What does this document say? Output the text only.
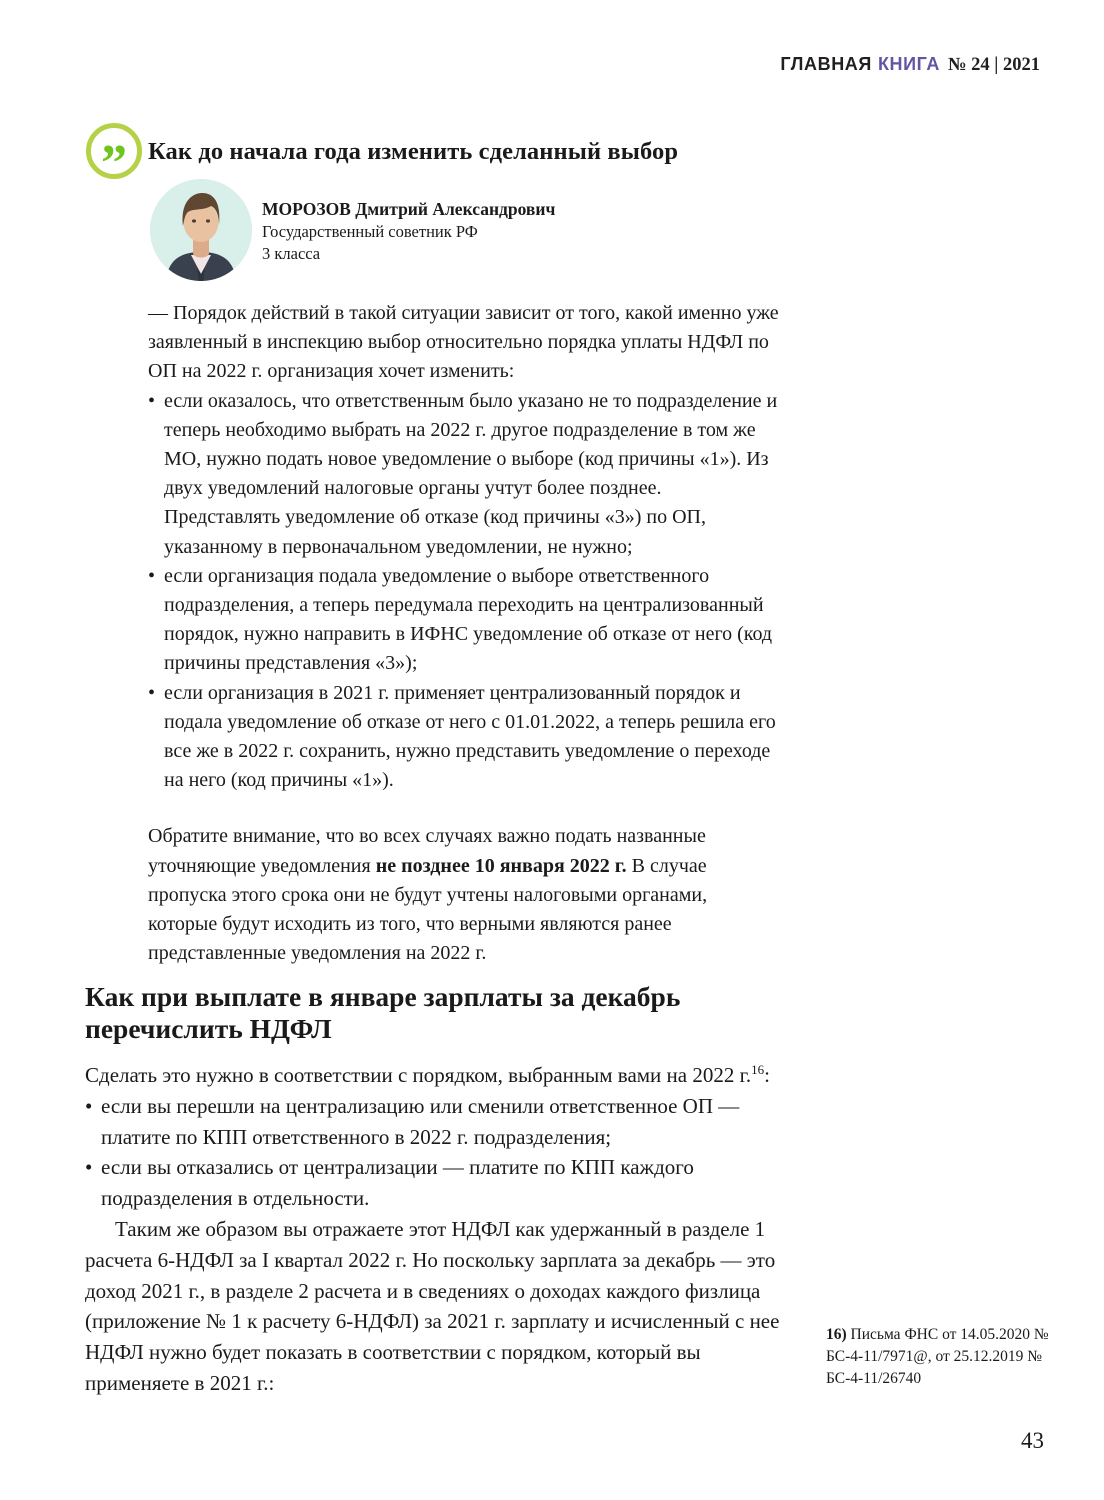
ГЛАВНАЯ КНИГА № 24 | 2021
” Как до начала года изменить сделанный выбор
МОРОЗОВ Дмитрий Александрович
Государственный советник РФ
3 класса

— Порядок действий в такой ситуации зависит от того, какой именно уже заявленный в инспекцию выбор относительно порядка уплаты НДФЛ по ОП на 2022 г. организация хочет изменить:

• если оказалось, что ответственным было указано не то подразделение и теперь необходимо выбрать на 2022 г. другое подразделение в том же МО, нужно подать новое уведомление о выборе (код причины «1»). Из двух уведомлений налоговые органы учтут более позднее. Представлять уведомление об отказе (код причины «3») по ОП, указанному в первоначальном уведомлении, не нужно;
• если организация подала уведомление о выборе ответственного подразделения, а теперь передумала переходить на централизованный порядок, нужно направить в ИФНС уведомление об отказе от него (код причины представления «3»);
• если организация в 2021 г. применяет централизованный порядок и подала уведомление об отказе от него с 01.01.2022, а теперь решила его все же в 2022 г. сохранить, нужно представить уведомление о переходе на него (код причины «1»).

Обратите внимание, что во всех случаях важно подать названные уточняющие уведомления не позднее 10 января 2022 г. В случае пропуска этого срока они не будут учтены налоговыми органами, которые будут исходить из того, что верными являются ранее представленные уведомления на 2022 г.

Как при выплате в январе зарплаты за декабрь перечислить НДФЛ

Сделать это нужно в соответствии с порядком, выбранным вами на 2022 г.$^{16}$:

• если вы перешли на централизацию или сменили ответственное ОП — платите по КПП ответственного в 2022 г. подразделения;
• если вы отказались от централизации — платите по КПП каждого подразделения в отдельности.

Таким же образом вы отражаете этот НДФЛ как удержанный в разделе 1 расчета 6-НДФЛ за I квартал 2022 г. Но поскольку зарплата за декабрь — это доход 2021 г., в разделе 2 расчета и в сведениях о доходах каждого физлица (приложение № 1 к расчету 6-НДФЛ) за 2021 г. зарплату и исчисленный с нее НДФЛ нужно будет показать в соответствии с порядком, который вы применяете в 2021 г.:

16) Письма ФНС от 14.05.2020 № БС-4-11/7971@, от 25.12.2019 № БС-4-11/26740
43
